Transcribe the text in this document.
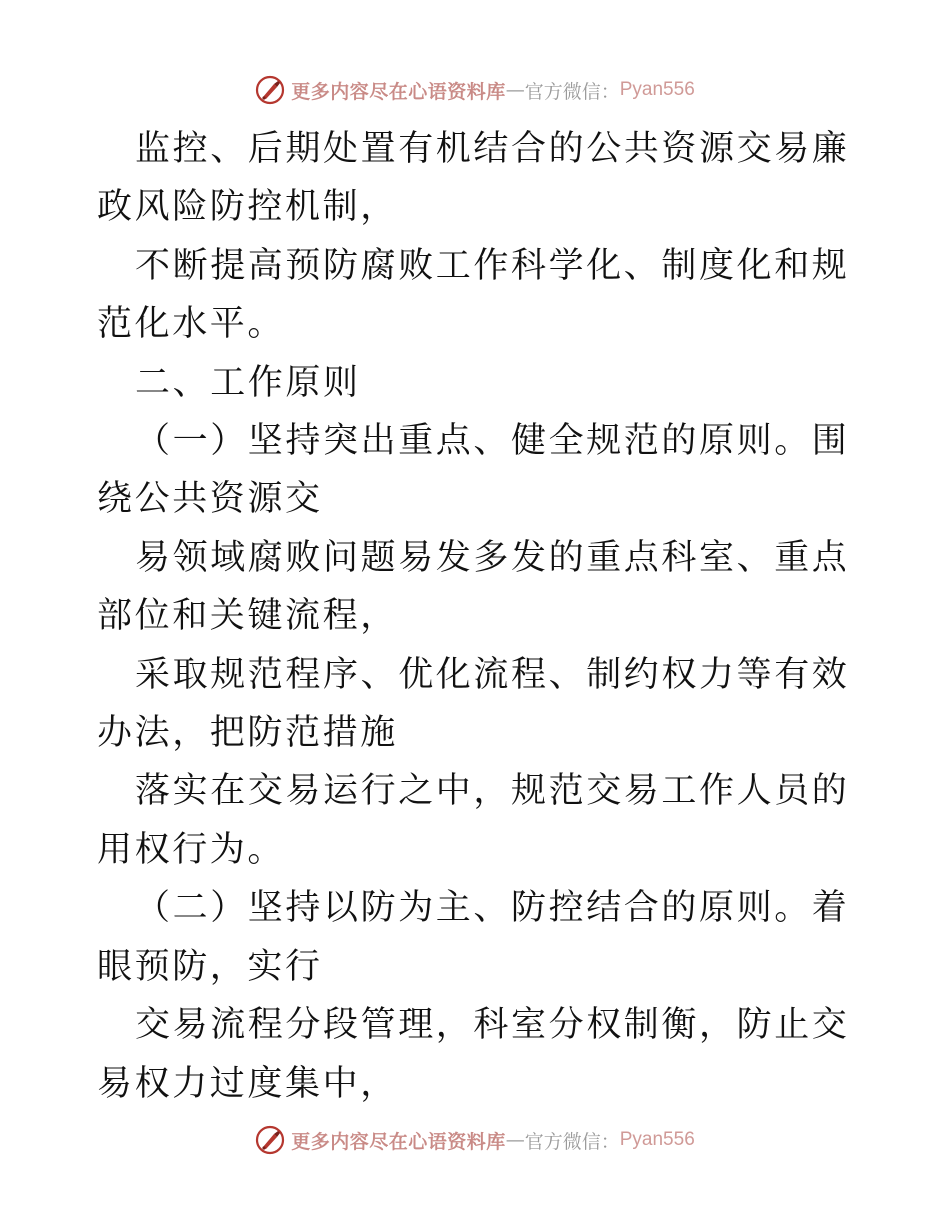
更多内容尽在心语资料库 — 官方微信： Pyan556

监控、后期处置有机结合的公共资源交易廉政风险防控机制，

不断提高预防腐败工作科学化、制度化和规范化水平。

二、工作原则

（一）坚持突出重点、健全规范的原则。围绕公共资源交

易领域腐败问题易发多发的重点科室、重点部位和关键流程，

采取规范程序、优化流程、制约权力等有效办法，把防范措施

落实在交易运行之中，规范交易工作人员的用权行为。

（二）坚持以防为主、防控结合的原则。着眼预防，实行

交易流程分段管理，科室分权制衡，防止交易权力过度集中，

更多内容尽在心语资料库 — 官方微信： Pyan556
